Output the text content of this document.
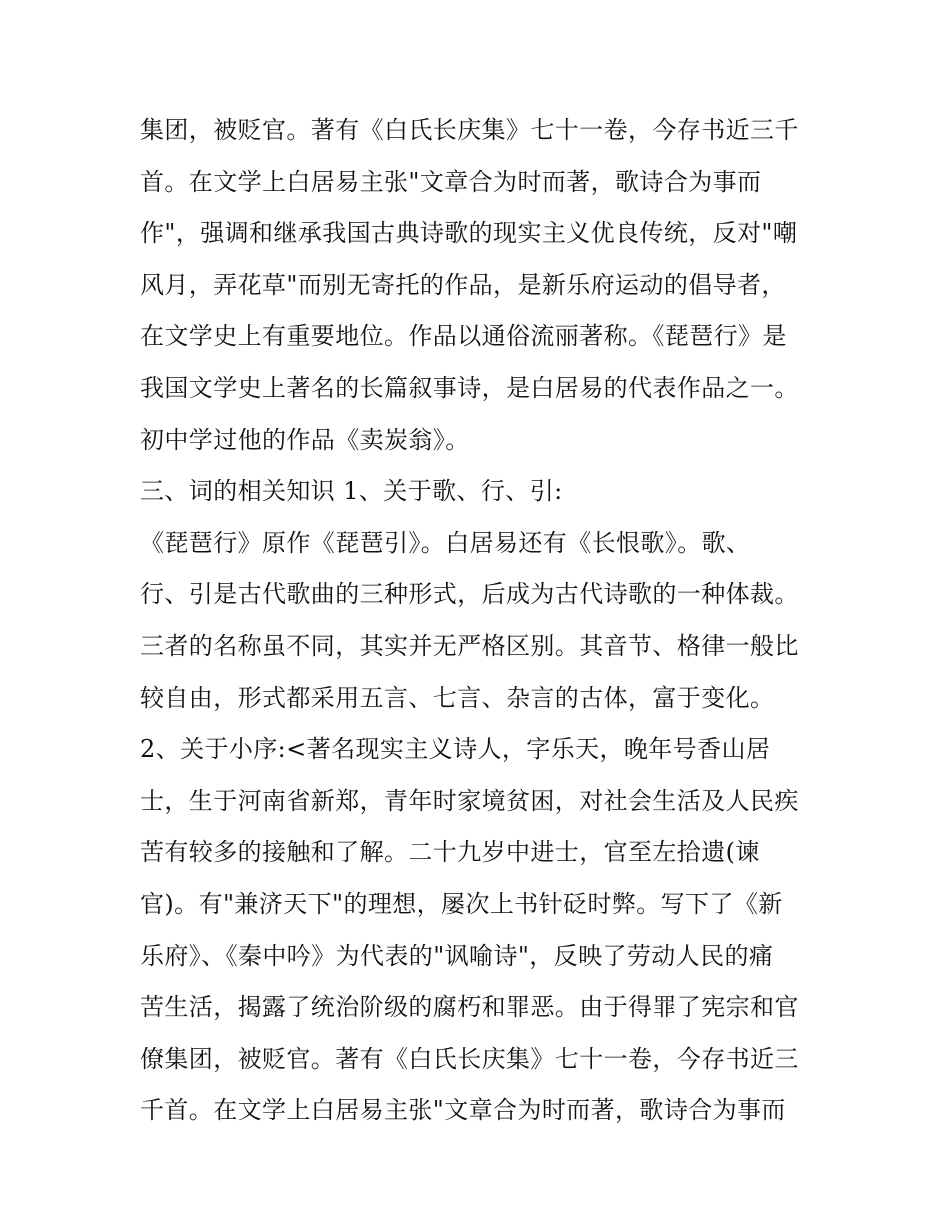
集团，被贬官。著有《白氏长庆集》七十一卷，今存书近三千
首。在文学上白居易主张"文章合为时而著，歌诗合为事而
作"，强调和继承我国古典诗歌的现实主义优良传统，反对"嘲
风月，弄花草"而别无寄托的作品，是新乐府运动的倡导者，
在文学史上有重要地位。作品以通俗流丽著称。《琵琶行》是
我国文学史上著名的长篇叙事诗，是白居易的代表作品之一。
初中学过他的作品《卖炭翁》。
三、词的相关知识 1、关于歌、行、引:
《琵琶行》原作《琵琶引》。白居易还有《长恨歌》。歌、
行、引是古代歌曲的三种形式，后成为古代诗歌的一种体裁。
三者的名称虽不同，其实并无严格区别。其音节、格律一般比
较自由，形式都采用五言、七言、杂言的古体，富于变化。
2、关于小序:<著名现实主义诗人，字乐天，晚年号香山居
士，生于河南省新郑，青年时家境贫困，对社会生活及人民疾
苦有较多的接触和了解。二十九岁中进士，官至左拾遗(谏
官)。有"兼济天下"的理想，屡次上书针砭时弊。写下了《新
乐府》、《秦中吟》为代表的"讽喻诗"，反映了劳动人民的痛
苦生活，揭露了统治阶级的腐朽和罪恶。由于得罪了宪宗和官
僚集团，被贬官。著有《白氏长庆集》七十一卷，今存书近三
千首。在文学上白居易主张"文章合为时而著，歌诗合为事而
